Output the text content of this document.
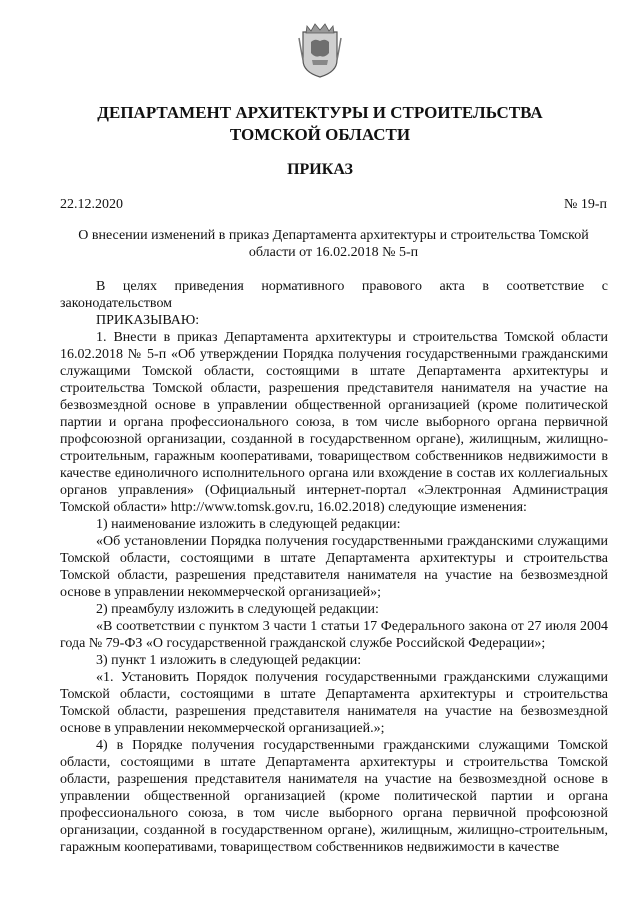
ДЕПАРТАМЕНТ АРХИТЕКТУРЫ И СТРОИТЕЛЬСТВА
ТОМСКОЙ ОБЛАСТИ
ПРИКАЗ
22.12.2020	№ 19-п
О внесении изменений в приказ Департамента архитектуры и строительства Томской области от 16.02.2018 № 5-п

В целях приведения нормативного правового акта в соответствие с законодательством

ПРИКАЗЫВАЮ:

1. Внести в приказ Департамента архитектуры и строительства Томской области 16.02.2018 № 5-п «Об утверждении Порядка получения государственными гражданскими служащими Томской области, состоящими в штате Департамента архитектуры и строительства Томской области, разрешения представителя нанимателя на участие на безвозмездной основе в управлении общественной организацией (кроме политической партии и органа профессионального союза, в том числе выборного органа первичной профсоюзной организации, созданной в государственном органе), жилищным, жилищно-строительным, гаражным кооперативами, товариществом собственников недвижимости в качестве единоличного исполнительного органа или вхождение в состав их коллегиальных органов управления» (Официальный интернет-портал «Электронная Администрация Томской области» http://www.tomsk.gov.ru, 16.02.2018) следующие изменения:

1) наименование изложить в следующей редакции:

«Об установлении Порядка получения государственными гражданскими служащими Томской области, состоящими в штате Департамента архитектуры и строительства Томской области, разрешения представителя нанимателя на участие на безвозмездной основе в управлении некоммерческой организацией»;

2) преамбулу изложить в следующей редакции:

«В соответствии с пунктом 3 части 1 статьи 17 Федерального закона от 27 июля 2004 года № 79-ФЗ «О государственной гражданской службе Российской Федерации»;

3) пункт 1 изложить в следующей редакции:

«1. Установить Порядок получения государственными гражданскими служащими Томской области, состоящими в штате Департамента архитектуры и строительства Томской области, разрешения представителя нанимателя на участие на безвозмездной основе в управлении некоммерческой организацией.»;

4) в Порядке получения государственными гражданскими служащими Томской области, состоящими в штате Департамента архитектуры и строительства Томской области, разрешения представителя нанимателя на участие на безвозмездной основе в управлении общественной организацией (кроме политической партии и органа профессионального союза, в том числе выборного органа первичной профсоюзной организации, созданной в государственном органе), жилищным, жилищно-строительным, гаражным кооперативами, товариществом собственников недвижимости в качестве
